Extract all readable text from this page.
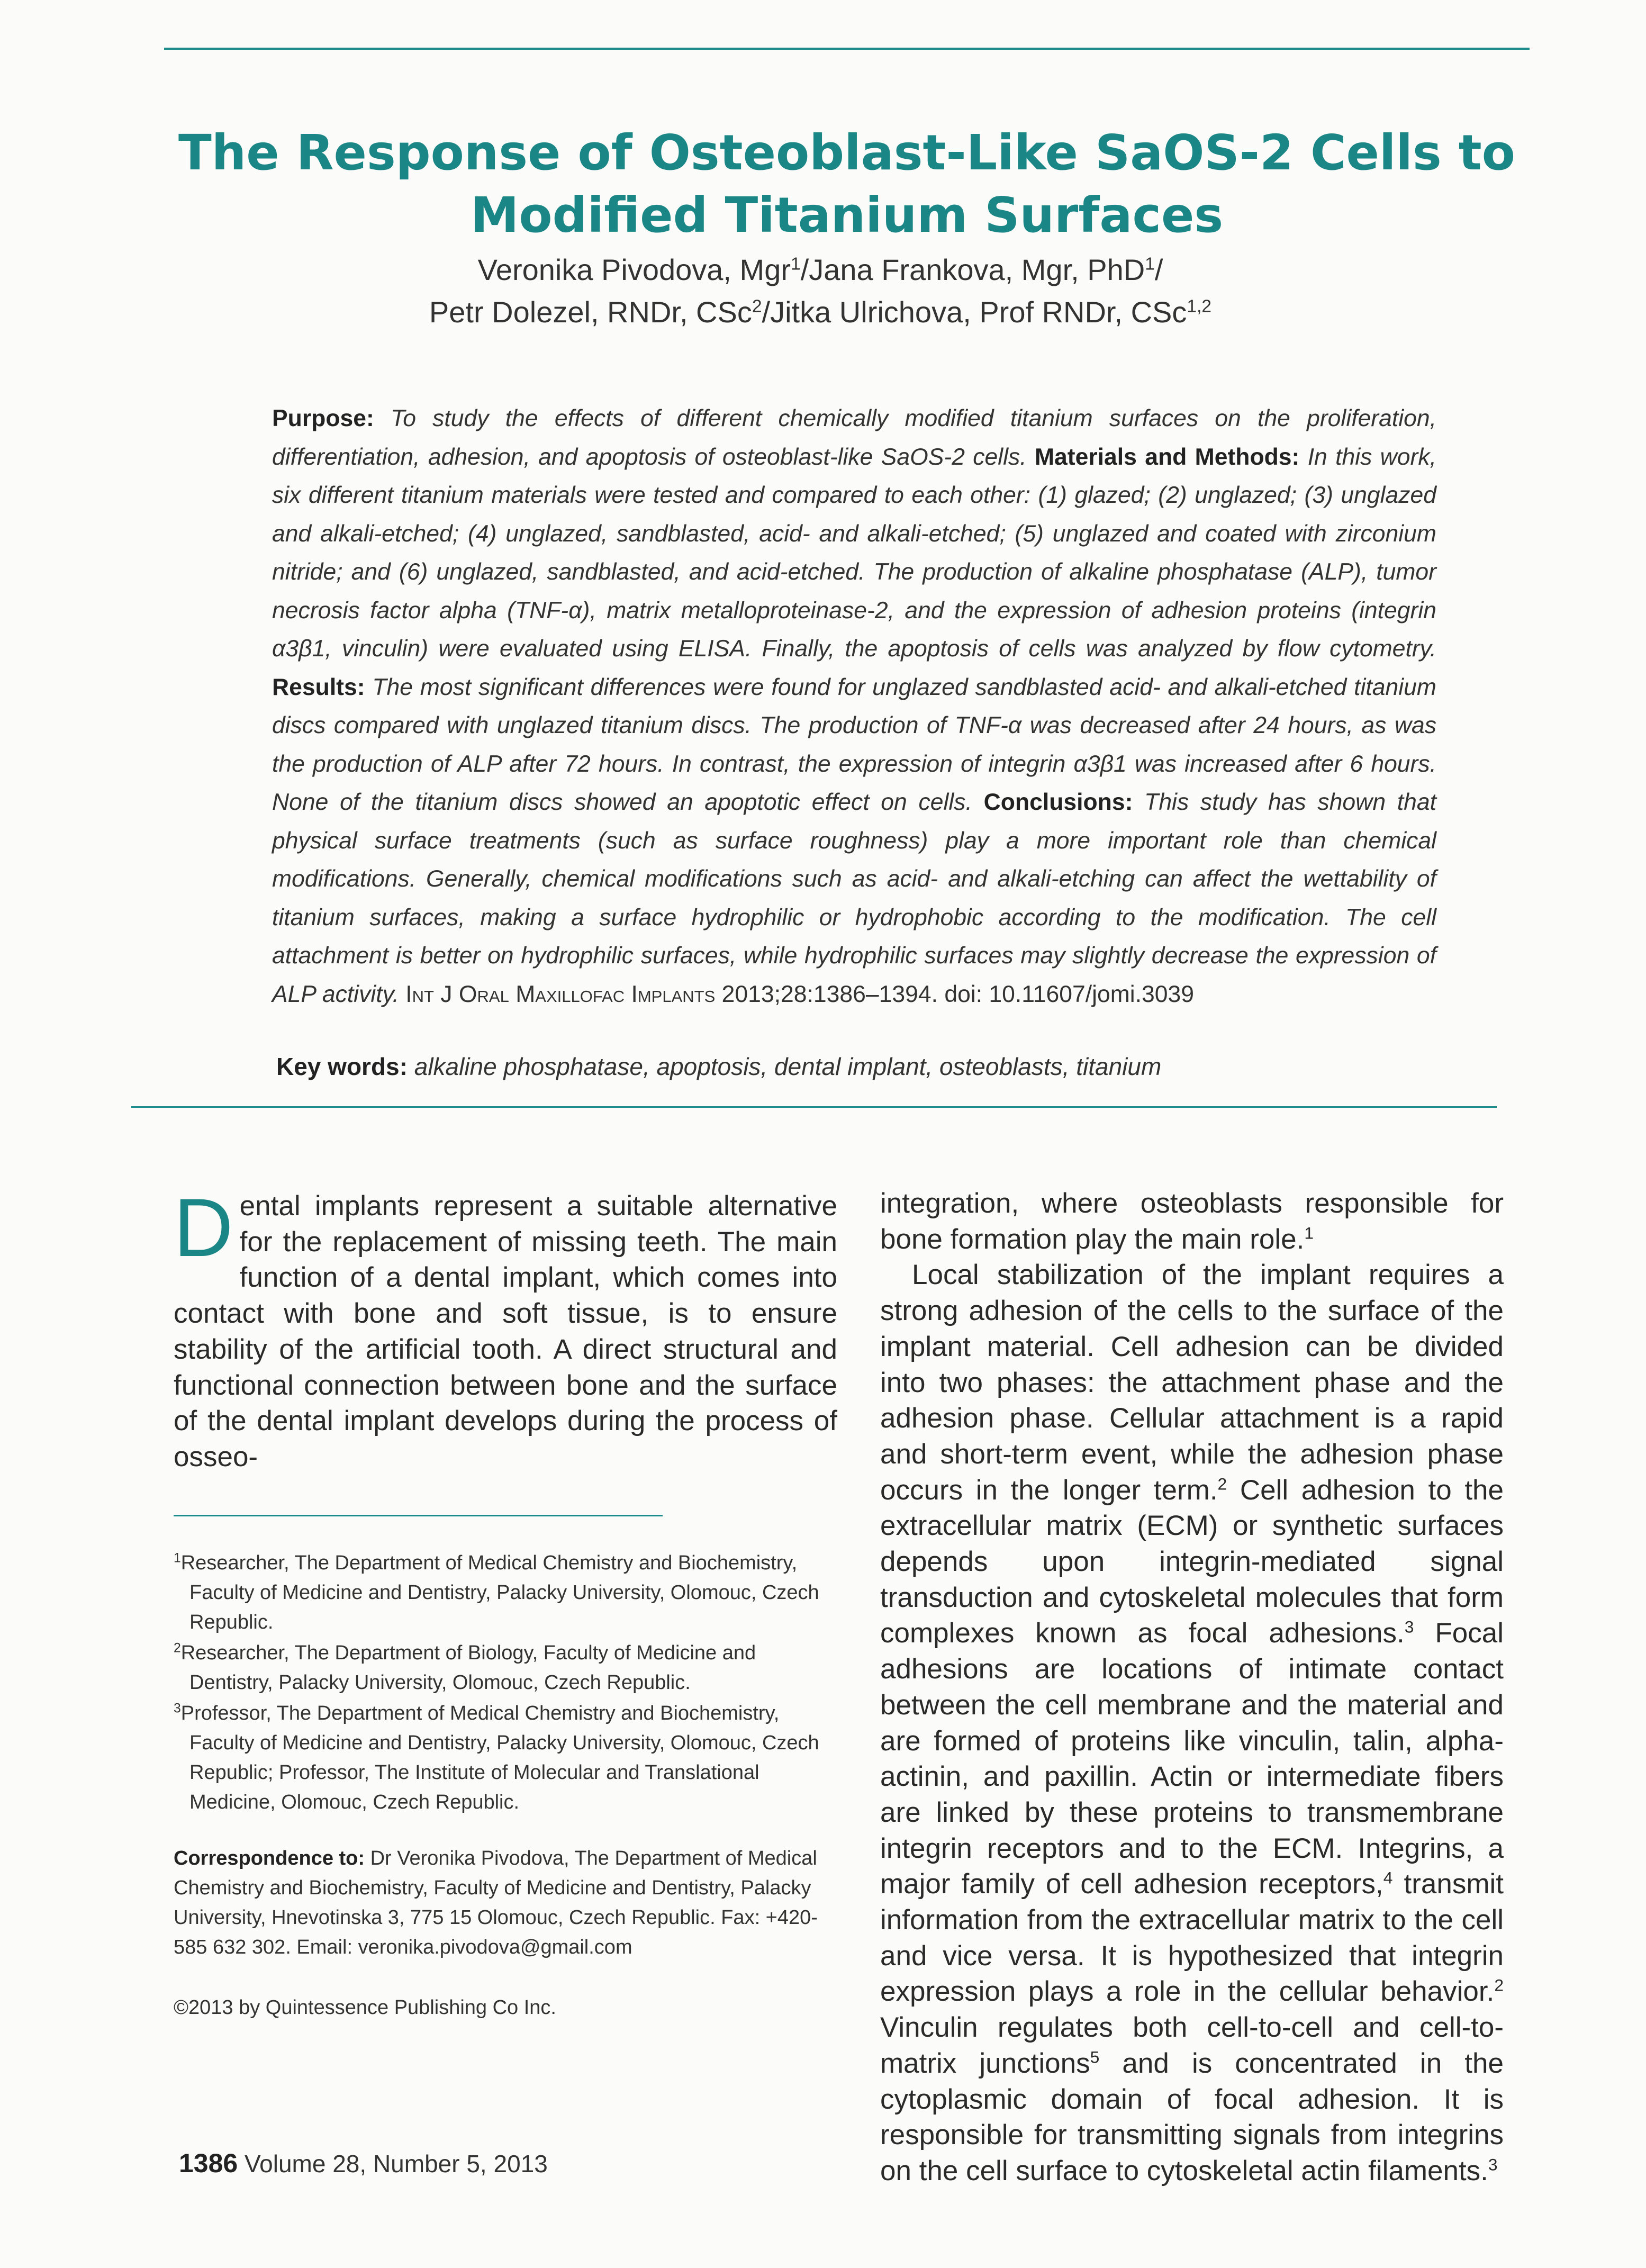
The Response of Osteoblast-Like SaOS-2 Cells to
Modified Titanium Surfaces
Veronika Pivodova, Mgr$^1$/Jana Frankova, Mgr, PhD$^1$/
Petr Dolezel, RNDr, CSc$^2$/Jitka Ulrichova, Prof RNDr, CSc$^{1,2}$
Purpose: To study the effects of different chemically modified titanium surfaces on the proliferation, differentiation, adhesion, and apoptosis of osteoblast-like SaOS-2 cells. Materials and Methods: In this work, six different titanium materials were tested and compared to each other: (1) glazed; (2) unglazed; (3) unglazed and alkali-etched; (4) unglazed, sandblasted, acid- and alkali-etched; (5) unglazed and coated with zirconium nitride; and (6) unglazed, sandblasted, and acid-etched. The production of alkaline phosphatase (ALP), tumor necrosis factor alpha (TNF-α), matrix metalloproteinase-2, and the expression of adhesion proteins (integrin α3β1, vinculin) were evaluated using ELISA. Finally, the apoptosis of cells was analyzed by flow cytometry. Results: The most significant differences were found for unglazed sandblasted acid- and alkali-etched titanium discs compared with unglazed titanium discs. The production of TNF-α was decreased after 24 hours, as was the production of ALP after 72 hours. In contrast, the expression of integrin α3β1 was increased after 6 hours. None of the titanium discs showed an apoptotic effect on cells. Conclusions: This study has shown that physical surface treatments (such as surface roughness) play a more important role than chemical modifications. Generally, chemical modifications such as acid- and alkali-etching can affect the wettability of titanium surfaces, making a surface hydrophilic or hydrophobic according to the modification. The cell attachment is better on hydrophilic surfaces, while hydrophilic surfaces may slightly decrease the expression of ALP activity. Int J Oral Maxillofac Implants 2013;28:1386–1394. doi: 10.11607/jomi.3039
Key words: alkaline phosphatase, apoptosis, dental implant, osteoblasts, titanium

Dental implants represent a suitable alternative for the replacement of missing teeth. The main function of a dental implant, which comes into contact with bone and soft tissue, is to ensure stability of the artificial tooth. A direct structural and functional connection between bone and the surface of the dental implant develops during the process of osseo-

integration, where osteoblasts responsible for bone formation play the main role.$^1$

Local stabilization of the implant requires a strong adhesion of the cells to the surface of the implant material. Cell adhesion can be divided into two phases: the attachment phase and the adhesion phase. Cellular attachment is a rapid and short-term event, while the adhesion phase occurs in the longer term.$^2$ Cell adhesion to the extracellular matrix (ECM) or synthetic surfaces depends upon integrin-mediated signal transduction and cytoskeletal molecules that form complexes known as focal adhesions.$^3$ Focal adhesions are locations of intimate contact between the cell membrane and the material and are formed of proteins like vinculin, talin, alpha-actinin, and paxillin. Actin or intermediate fibers are linked by these proteins to transmembrane integrin receptors and to the ECM. Integrins, a major family of cell adhesion receptors,$^4$ transmit information from the extracellular matrix to the cell and vice versa. It is hypothesized that integrin expression plays a role in the cellular behavior.$^2$ Vinculin regulates both cell-to-cell and cell-to-matrix junctions$^5$ and is concentrated in the cytoplasmic domain of focal adhesion. It is responsible for transmitting signals from integrins on the cell surface to cytoskeletal actin filaments.$^3$

$^1$Researcher, The Department of Medical Chemistry and Biochemistry, Faculty of Medicine and Dentistry, Palacky University, Olomouc, Czech Republic.

$^2$Researcher, The Department of Biology, Faculty of Medicine and Dentistry, Palacky University, Olomouc, Czech Republic.

$^3$Professor, The Department of Medical Chemistry and Biochemistry, Faculty of Medicine and Dentistry, Palacky University, Olomouc, Czech Republic; Professor, The Institute of Molecular and Translational Medicine, Olomouc, Czech Republic.

Correspondence to: Dr Veronika Pivodova, The Department of Medical Chemistry and Biochemistry, Faculty of Medicine and Dentistry, Palacky University, Hnevotinska 3, 775 15 Olomouc, Czech Republic. Fax: +420-585 632 302. Email: veronika.pivodova@gmail.com
©2013 by Quintessence Publishing Co Inc.
1386 Volume 28, Number 5, 2013
